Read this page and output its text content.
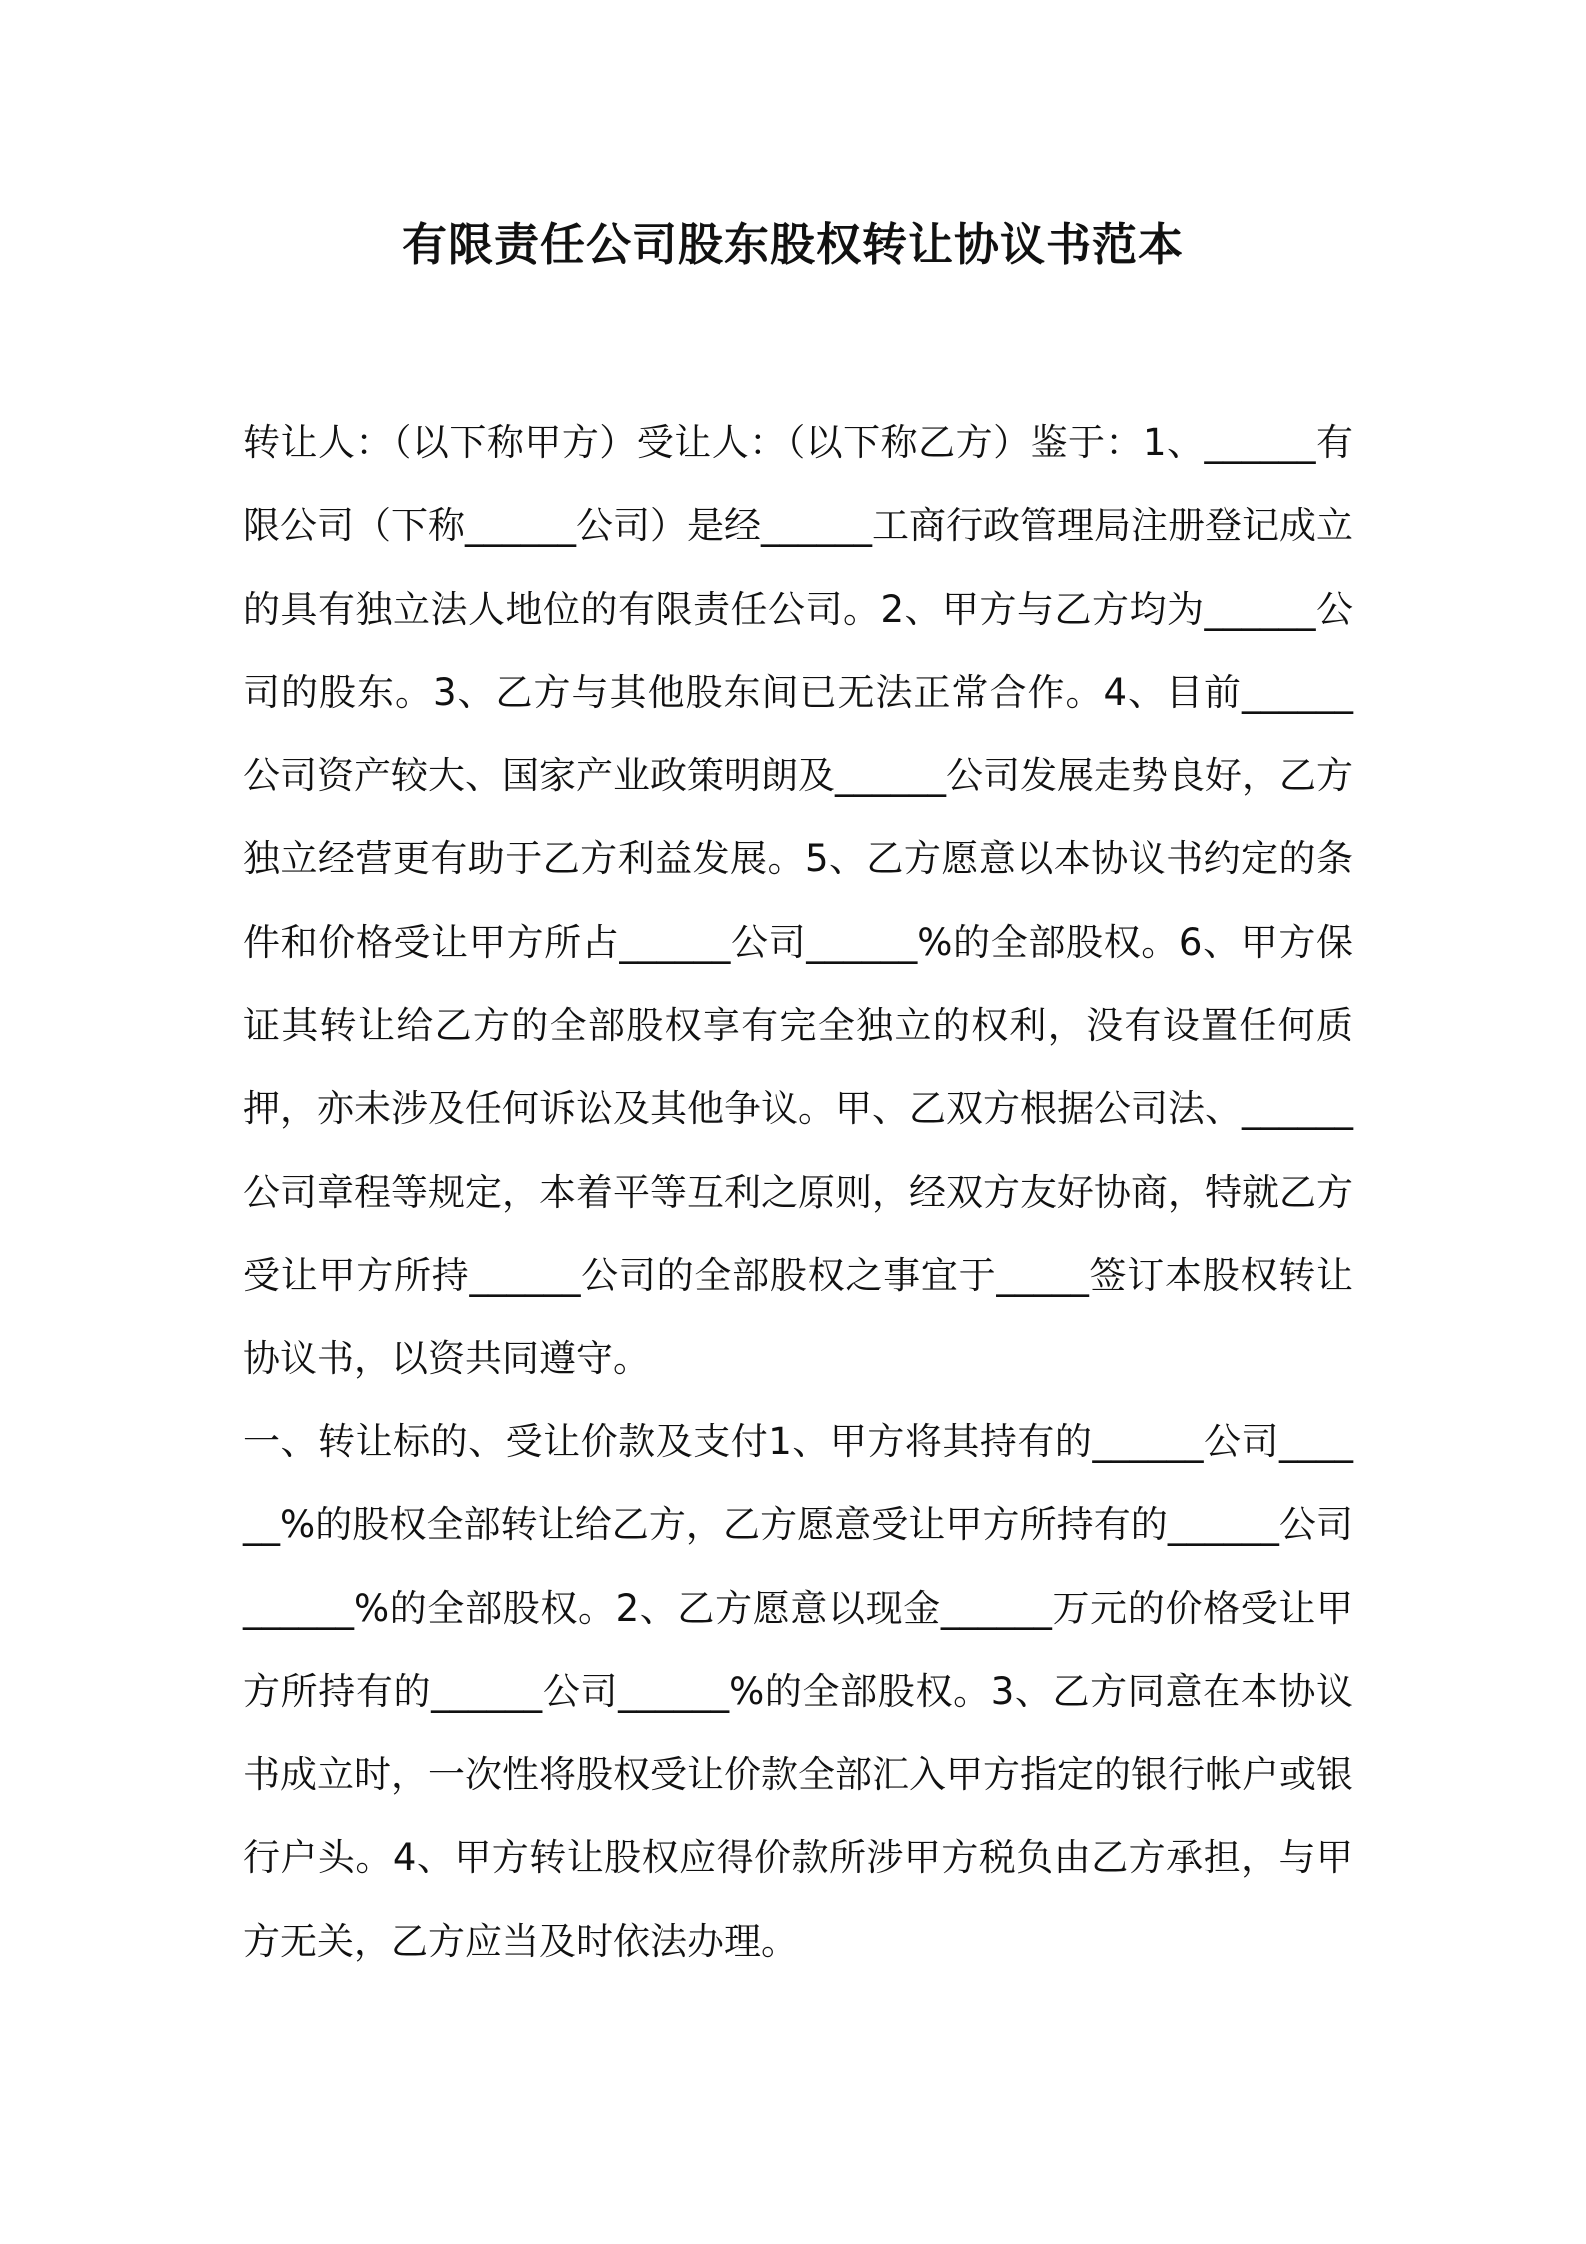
有限责任公司股东股权转让协议书范本

转让人：（以下称甲方）受让人：（以下称乙方）鉴于：1、______有限公司（下称______公司）是经______工商行政管理局注册登记成立的具有独立法人地位的有限责任公司。2、甲方与乙方均为______公司的股东。3、乙方与其他股东间已无法正常合作。4、目前______公司资产较大、国家产业政策明朗及______公司发展走势良好，乙方独立经营更有助于乙方利益发展。5、乙方愿意以本协议书约定的条件和价格受让甲方所占______公司______%的全部股权。6、甲方保证其转让给乙方的全部股权享有完全独立的权利，没有设置任何质押，亦未涉及任何诉讼及其他争议。甲、乙双方根据公司法、______公司章程等规定，本着平等互利之原则，经双方友好协商，特就乙方受让甲方所持______公司的全部股权之事宜于_____签订本股权转让协议书，以资共同遵守。

一、转让标的、受让价款及支付1、甲方将其持有的______公司______%的股权全部转让给乙方，乙方愿意受让甲方所持有的______公司______%的全部股权。2、乙方愿意以现金______万元的价格受让甲方所持有的______公司______%的全部股权。3、乙方同意在本协议书成立时，一次性将股权受让价款全部汇入甲方指定的银行帐户或银行户头。4、甲方转让股权应得价款所涉甲方税负由乙方承担，与甲方无关，乙方应当及时依法办理。
